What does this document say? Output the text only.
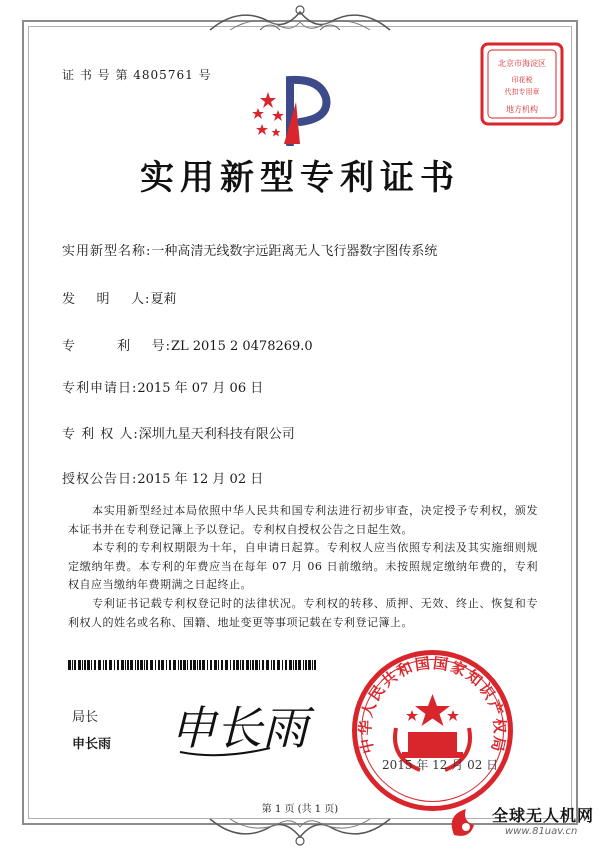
证 书 号 第 4805761 号
北京市海淀区
印花税
代扣专用章
地方机构
实用新型专利证书
实用新型名称:一种高清无线数字远距离无人飞行器数字图传系统
发    明    人:夏莉
专        利    号:ZL 2015 2 0478269.0
专利申请日:2015 年 07 月 06 日
专 利 权 人:深圳九星天利科技有限公司
授权公告日:2015 年 12 月 02 日
本实用新型经过本局依照中华人民共和国专利法进行初步审查，决定授予专利权，颁发本证书并在专利登记簿上予以登记。专利权自授权公告之日起生效。
本专利的专利权期限为十年，自申请日起算。专利权人应当依照专利法及其实施细则规定缴纳年费。本专利的年费应当在每年 07 月 06 日前缴纳。未按照规定缴纳年费的，专利权自应当缴纳年费期满之日起终止。
专利证书记载专利权登记时的法律状况。专利权的转移、质押、无效、终止、恢复和专利权人的姓名或名称、国籍、地址变更等事项记载在专利登记簿上。
局长
申长雨 申长雨	中华人民共和国国家知识产权局
2015 年 12 月 02 日
第 1 页 (共 1 页)	全球无人机网
www.81uav.cn
